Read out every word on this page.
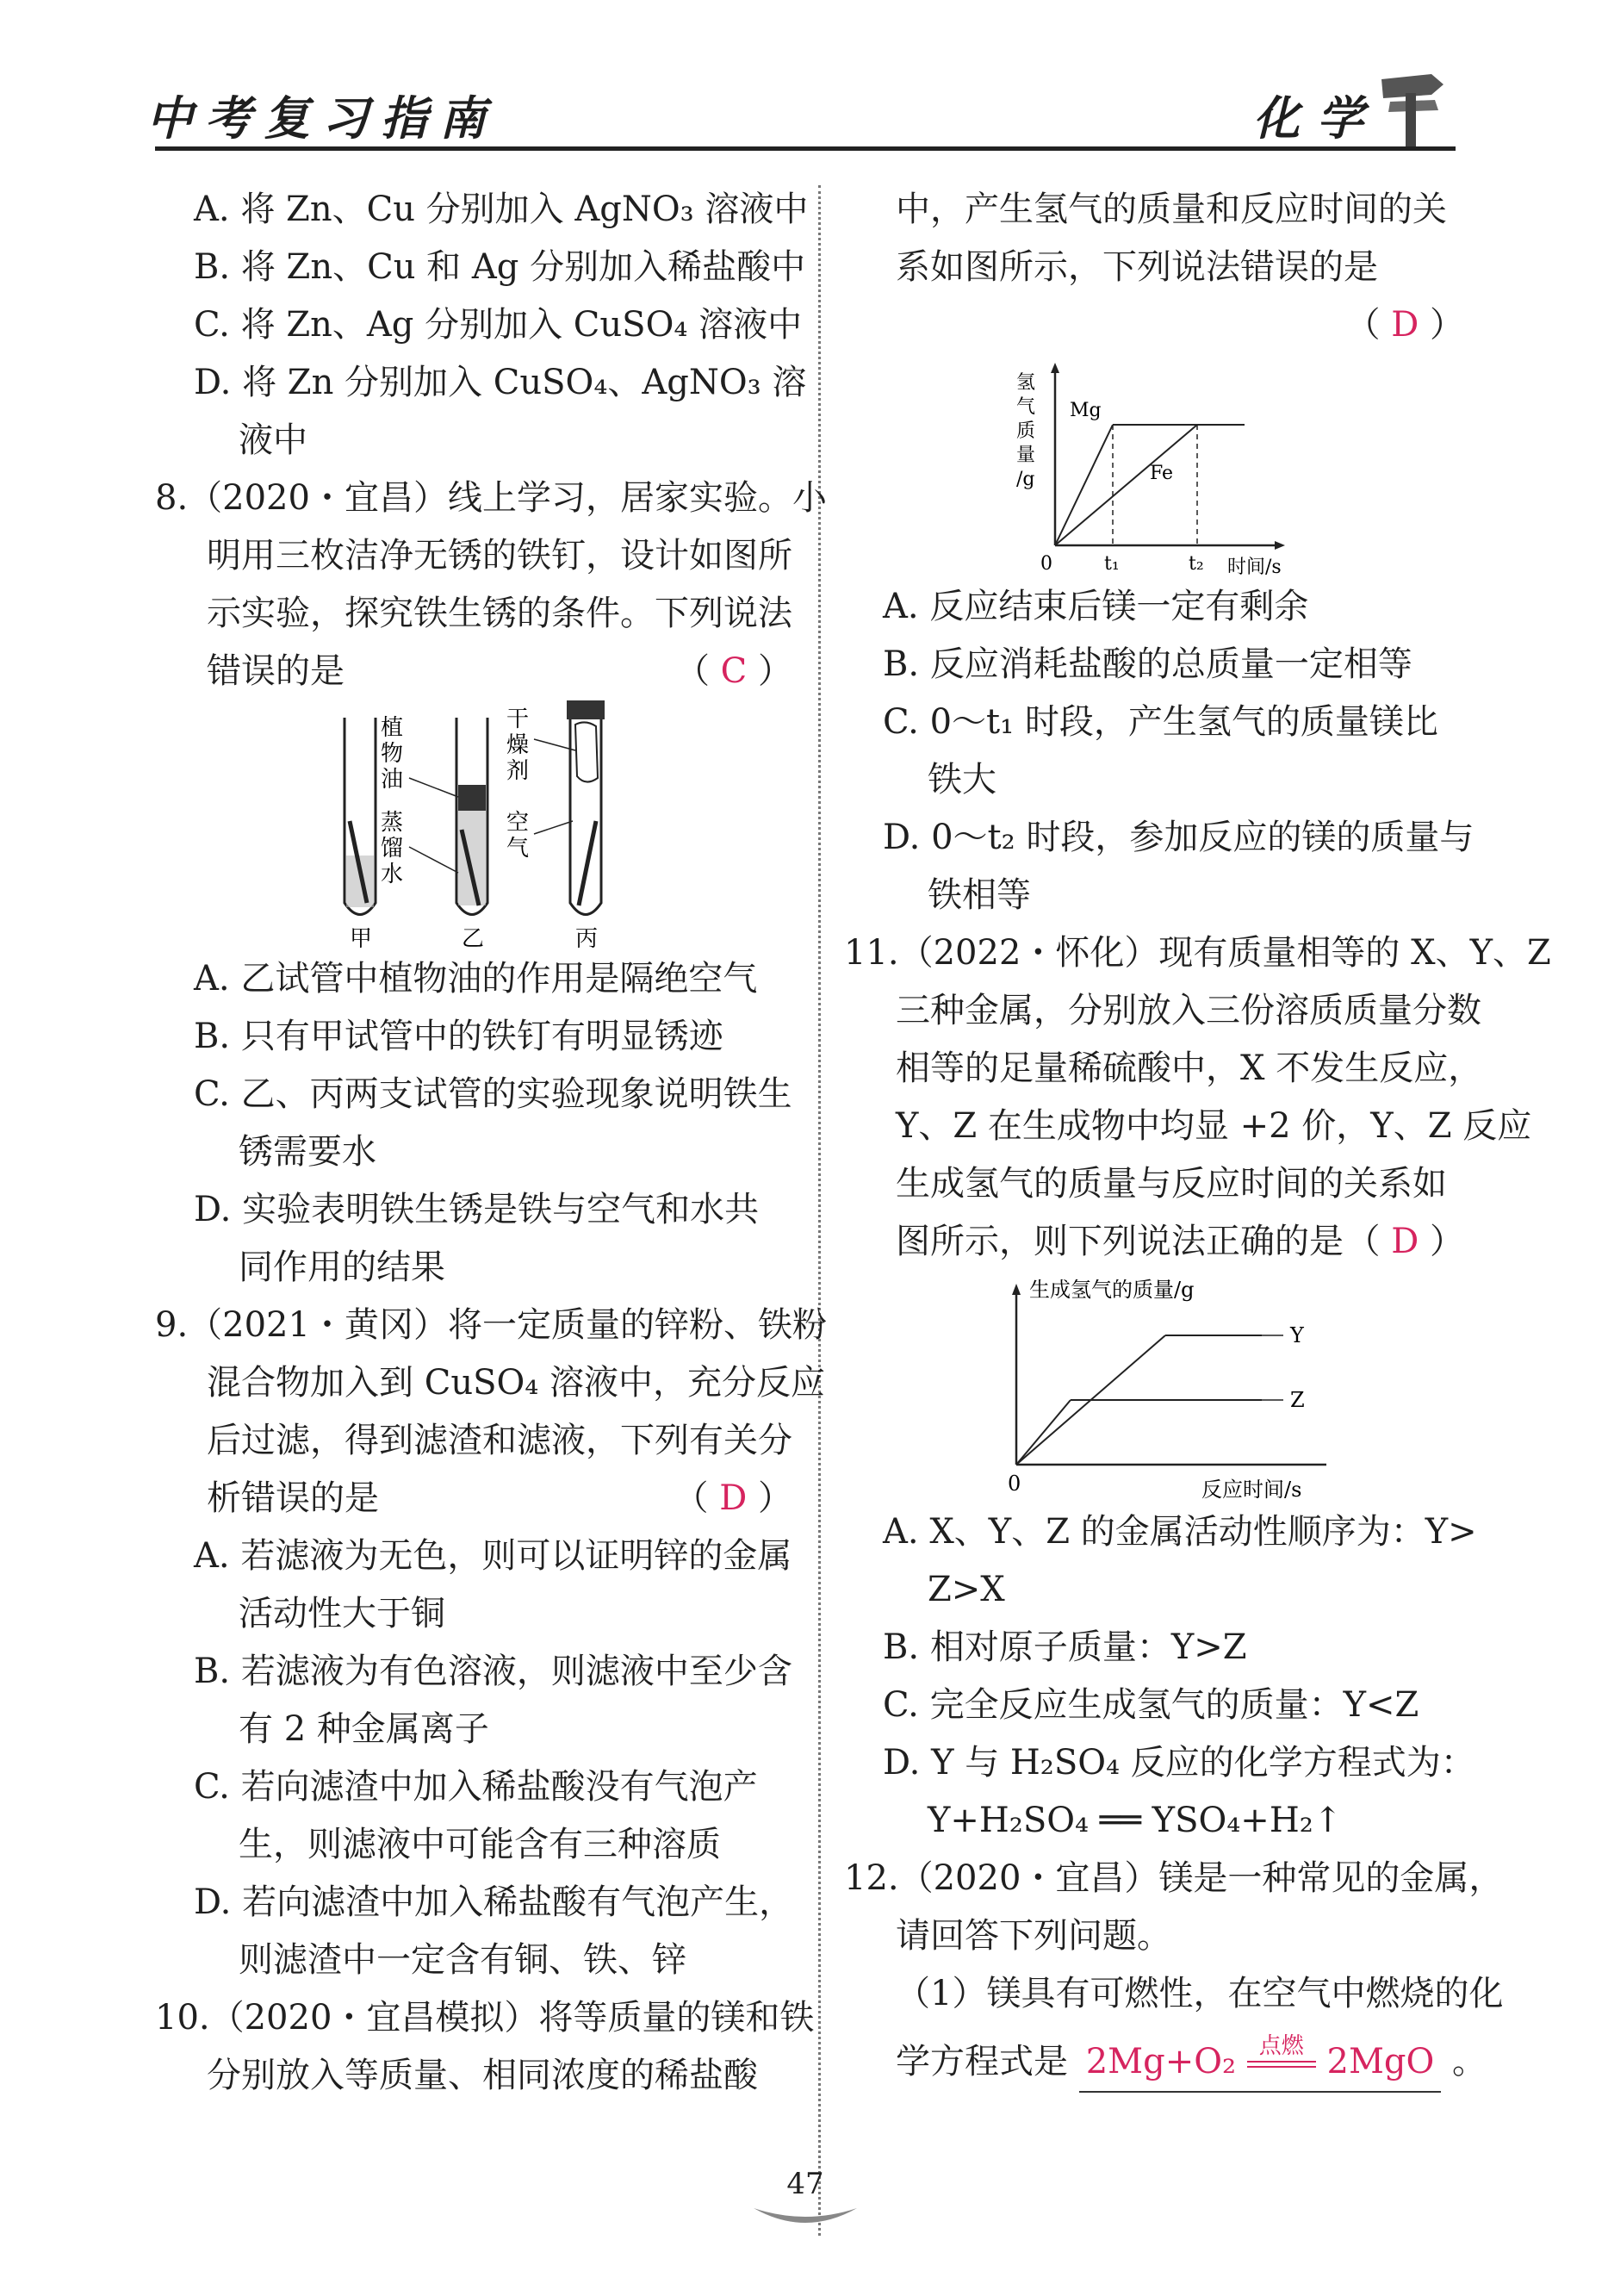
中考复习指南	化学
A. 将 Zn、Cu 分别加入 AgNO₃ 溶液中
B. 将 Zn、Cu 和 Ag 分别加入稀盐酸中
C. 将 Zn、Ag 分别加入 CuSO₄ 溶液中
D. 将 Zn 分别加入 CuSO₄、AgNO₃ 溶
液中
8.（2020・宜昌）线上学习，居家实验。小
明用三枚洁净无锈的铁钉，设计如图所
示实验，探究铁生锈的条件。下列说法
错误的是	（ C ）
植
物
油
蒸
馏
水
干
燥
剂
空
气
甲	乙	丙
A. 乙试管中植物油的作用是隔绝空气
B. 只有甲试管中的铁钉有明显锈迹
C. 乙、丙两支试管的实验现象说明铁生
锈需要水
D. 实验表明铁生锈是铁与空气和水共
同作用的结果
9.（2021・黄冈）将一定质量的锌粉、铁粉
混合物加入到 CuSO₄ 溶液中，充分反应
后过滤，得到滤渣和滤液，下列有关分
析错误的是	（ D ）
A. 若滤液为无色，则可以证明锌的金属
活动性大于铜
B. 若滤液为有色溶液，则滤液中至少含
有 2 种金属离子
C. 若向滤渣中加入稀盐酸没有气泡产
生，则滤液中可能含有三种溶质
D. 若向滤渣中加入稀盐酸有气泡产生，
则滤渣中一定含有铜、铁、锌
10.（2020・宜昌模拟）将等质量的镁和铁
分别放入等质量、相同浓度的稀盐酸
中，产生氢气的质量和反应时间的关
系如图所示，下列说法错误的是
（ D ）
氢
气
质
量
/g
Mg
Fe
0	t₁	t₂ 时间/s
A. 反应结束后镁一定有剩余
B. 反应消耗盐酸的总质量一定相等
C. 0～t₁ 时段，产生氢气的质量镁比
铁大
D. 0～t₂ 时段，参加反应的镁的质量与
铁相等
11.（2022・怀化）现有质量相等的 X、Y、Z
三种金属，分别放入三份溶质质量分数
相等的足量稀硫酸中，X 不发生反应，
Y、Z 在生成物中均显 +2 价，Y、Z 反应
生成氢气的质量与反应时间的关系如
图所示，则下列说法正确的是 （ D ）
生成氢气的质量/g
Y
Z
0	反应时间/s
A. X、Y、Z 的金属活动性顺序为：Y>
Z>X
B. 相对原子质量：Y>Z
C. 完全反应生成氢气的质量：Y<Z
D. Y 与 H₂SO₄ 反应的化学方程式为：
Y+H₂SO₄ ══ YSO₄+H₂↑
12.（2020・宜昌）镁是一种常见的金属，
请回答下列问题。
（1）镁具有可燃性，在空气中燃烧的化
学方程式是 2Mg+O₂	点燃 2MgO 。
47
